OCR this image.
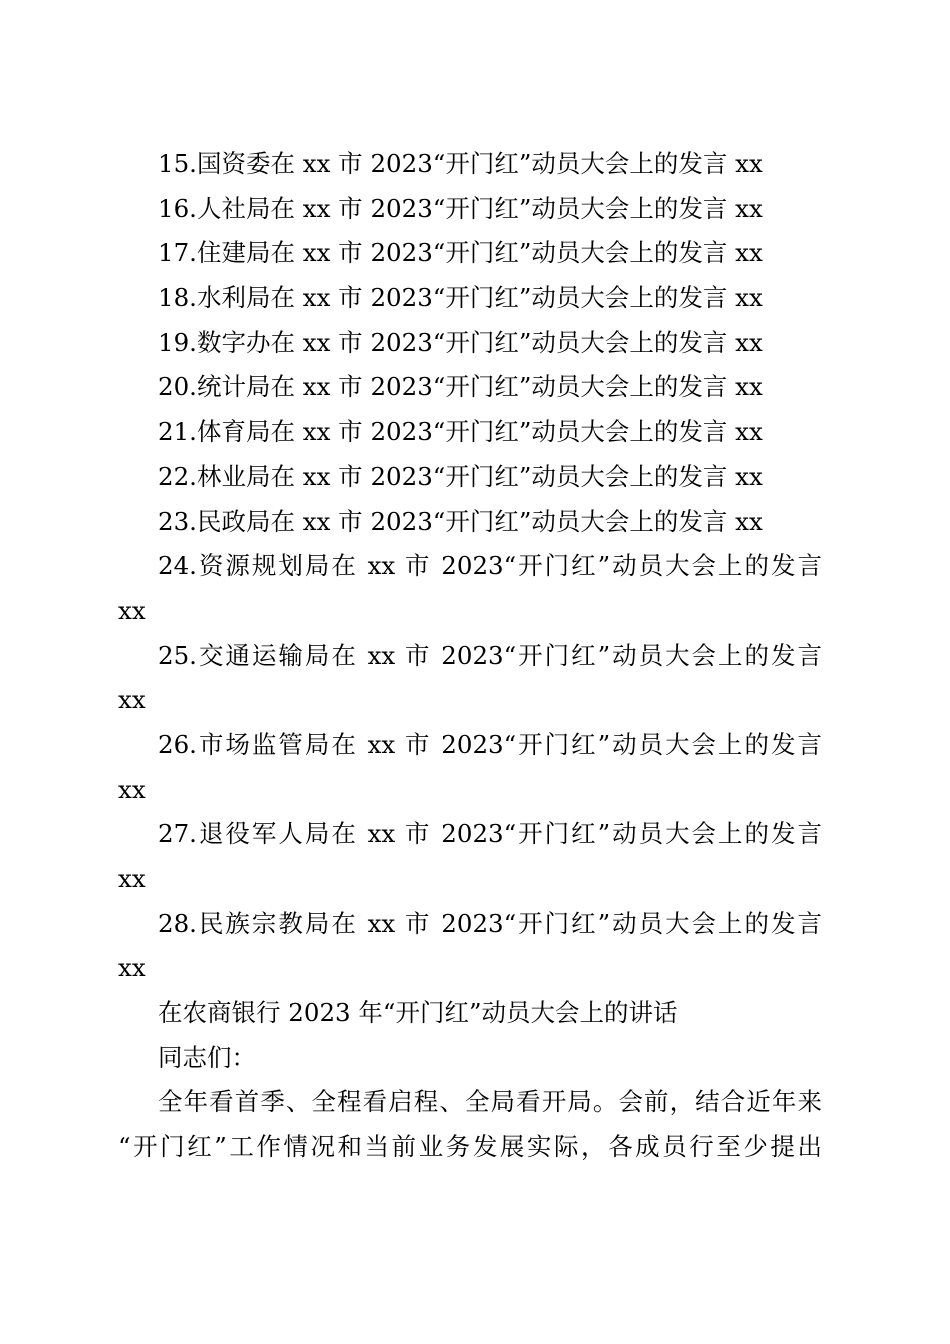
15.国资委在 xx 市 2023“开门红”动员大会上的发言 xx
16.人社局在 xx 市 2023“开门红”动员大会上的发言 xx
17.住建局在 xx 市 2023“开门红”动员大会上的发言 xx
18.水利局在 xx 市 2023“开门红”动员大会上的发言 xx
19.数字办在 xx 市 2023“开门红”动员大会上的发言 xx
20.统计局在 xx 市 2023“开门红”动员大会上的发言 xx
21.体育局在 xx 市 2023“开门红”动员大会上的发言 xx
22.林业局在 xx 市 2023“开门红”动员大会上的发言 xx
23.民政局在 xx 市 2023“开门红”动员大会上的发言 xx
24.资源规划局在 xx 市 2023“开门红”动员大会上的发言
xx
25.交通运输局在 xx 市 2023“开门红”动员大会上的发言
xx
26.市场监管局在 xx 市 2023“开门红”动员大会上的发言
xx
27.退役军人局在 xx 市 2023“开门红”动员大会上的发言
xx
28.民族宗教局在 xx 市 2023“开门红”动员大会上的发言
xx
在农商银行 2023 年“开门红”动员大会上的讲话
同志们：
全年看首季、全程看启程、全局看开局。会前，结合近年来
“开门红”工作情况和当前业务发展实际，各成员行至少提出
